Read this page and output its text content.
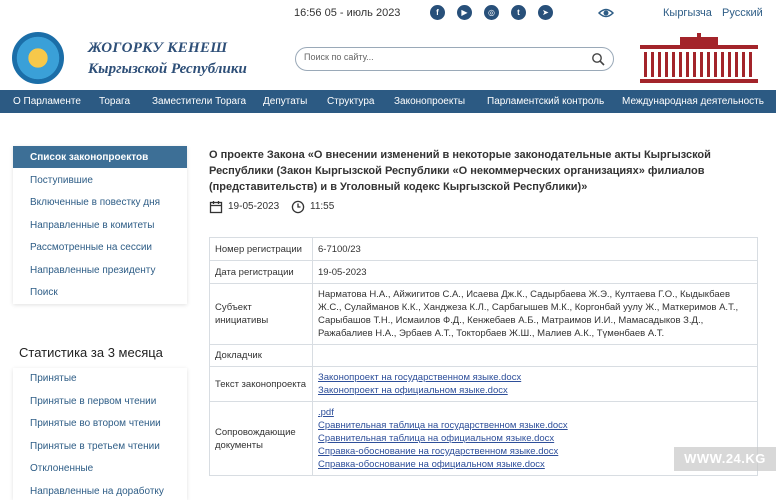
16:56 05 - июль 2023	f	▶	◎	t	➤	Кыргызча Русский
ЖОГОРКУ КЕНЕШ
Кыргызской Республики
Поиск по сайту...
О Парламенте Торага Заместители Торага Депутаты Структура Законопроекты Парламентский контроль Международная деятельность
Список законопроектов
Поступившие
Включенные в повестку дня
Направленные в комитеты
Рассмотренные на сессии
Направленные президенту
Поиск
Статистика за 3 месяца
Принятые
Принятые в первом чтении
Принятые во втором чтении
Принятые в третьем чтении
Отклоненные
Направленные на доработку
О проекте Закона «О внесении изменений в некоторые законодательные акты Кыргызской Республики (Закон Кыргызской Республики «О некоммерческих организациях» филиалов (представительств) и в Уголовный кодекс Кыргызской Республики)»
19-05-2023	11:55
Номер регистрации	6-7100/23
Дата регистрации	19-05-2023
Субъект инициативы	Нарматова Н.А., Айжигитов С.А., Исаева Дж.К., Садырбаева Ж.Э., Култаева Г.О., Кыдыкбаев Ж.С., Сулайманов К.К., Ханджеза К.Л., Сарбагышев М.К., Коргонбай уулу Ж., Маткеримов А.Т., Сарыбашов Т.Н., Исмаилов Ф.Д., Кенжебаев А.Б., Матраимов И.И., Мамасадыков З.Д., Ражабалиев Н.А., Эрбаев А.Т., Токторбаев Ж.Ш., Малиев А.К., Түмөнбаев А.Т.
Докладчик	
Текст законопроекта	Законопроект на государственном языке.docx
Законопроект на официальном языке.docx

Сопровождающие документы	.pdf
Сравнительная таблица на государственном языке.docx
Сравнительная таблица на официальном языке.docx
Справка-обоснование на государственном языке.docx
Справка-обоснование на официальном языке.docx	WWW.24.KG
